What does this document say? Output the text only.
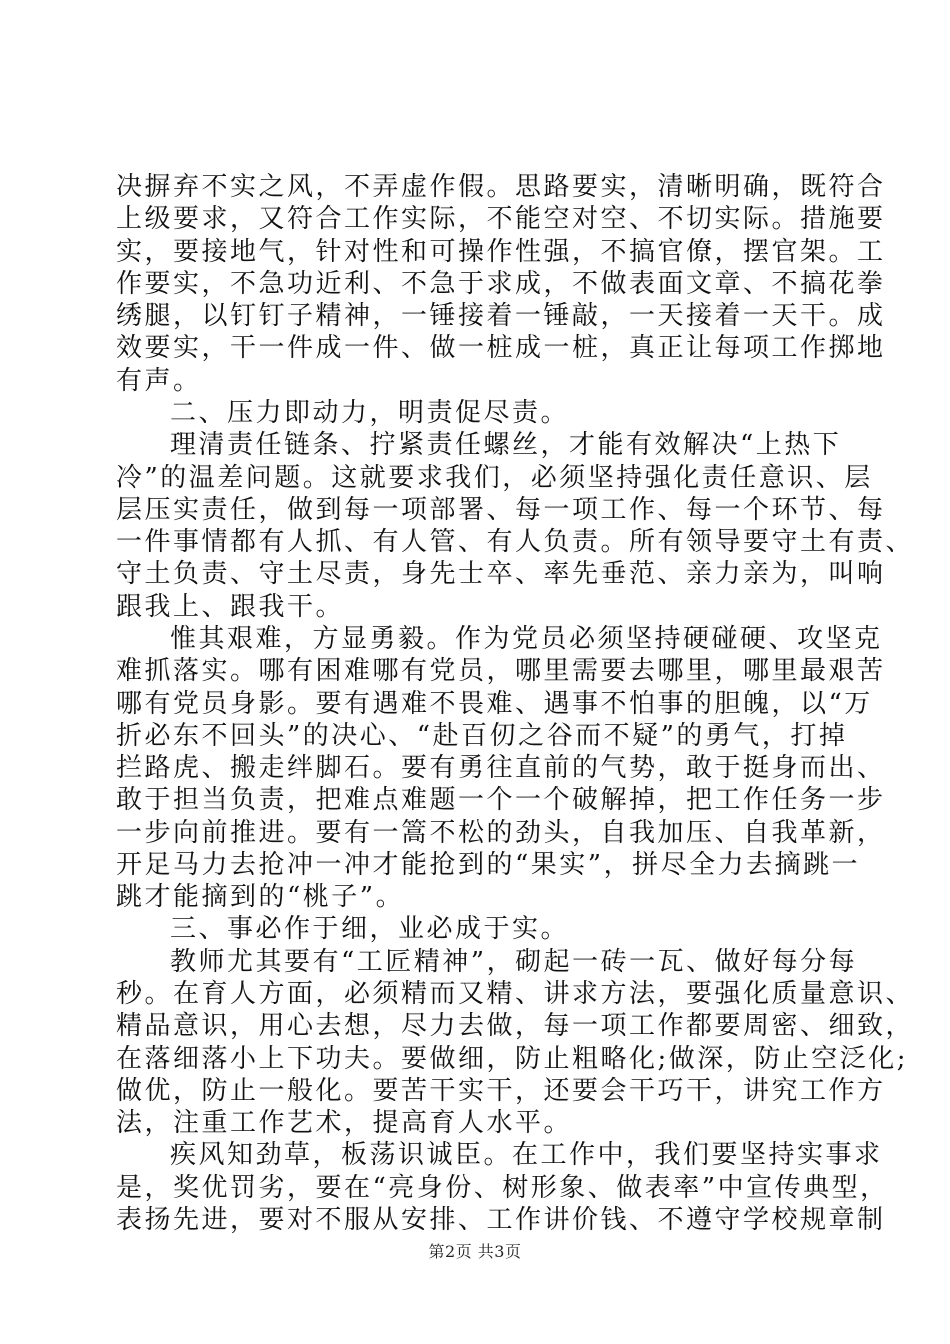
决摒弃不实之风，不弄虚作假。思路要实，清晰明确，既符合
上级要求，又符合工作实际，不能空对空、不切实际。措施要
实，要接地气，针对性和可操作性强，不搞官僚，摆官架。工
作要实，不急功近利、不急于求成，不做表面文章、不搞花拳
绣腿，以钉钉子精神，一锤接着一锤敲，一天接着一天干。成
效要实，干一件成一件、做一桩成一桩，真正让每项工作掷地
有声。
二、压力即动力，明责促尽责。
理清责任链条、拧紧责任螺丝，才能有效解决“上热下
冷”的温差问题。这就要求我们，必须坚持强化责任意识、层
层压实责任，做到每一项部署、每一项工作、每一个环节、每
一件事情都有人抓、有人管、有人负责。所有领导要守土有责、
守土负责、守土尽责，身先士卒、率先垂范、亲力亲为，叫响
跟我上、跟我干。
惟其艰难，方显勇毅。作为党员必须坚持硬碰硬、攻坚克
难抓落实。哪有困难哪有党员，哪里需要去哪里，哪里最艰苦
哪有党员身影。要有遇难不畏难、遇事不怕事的胆魄，以“万
折必东不回头”的决心、“赴百仞之谷而不疑”的勇气，打掉
拦路虎、搬走绊脚石。要有勇往直前的气势，敢于挺身而出、
敢于担当负责，把难点难题一个一个破解掉，把工作任务一步
一步向前推进。要有一篙不松的劲头，自我加压、自我革新，
开足马力去抢冲一冲才能抢到的“果实”，拼尽全力去摘跳一
跳才能摘到的“桃子”。
三、事必作于细，业必成于实。
教师尤其要有“工匠精神”，砌起一砖一瓦、做好每分每
秒。在育人方面，必须精而又精、讲求方法，要强化质量意识、
精品意识，用心去想，尽力去做，每一项工作都要周密、细致，
在落细落小上下功夫。要做细，防止粗略化;做深，防止空泛化;
做优，防止一般化。要苦干实干，还要会干巧干，讲究工作方
法，注重工作艺术，提高育人水平。
疾风知劲草，板荡识诚臣。在工作中，我们要坚持实事求
是，奖优罚劣，要在“亮身份、树形象、做表率”中宣传典型，
表扬先进，要对不服从安排、工作讲价钱、不遵守学校规章制
第2页 共3页
